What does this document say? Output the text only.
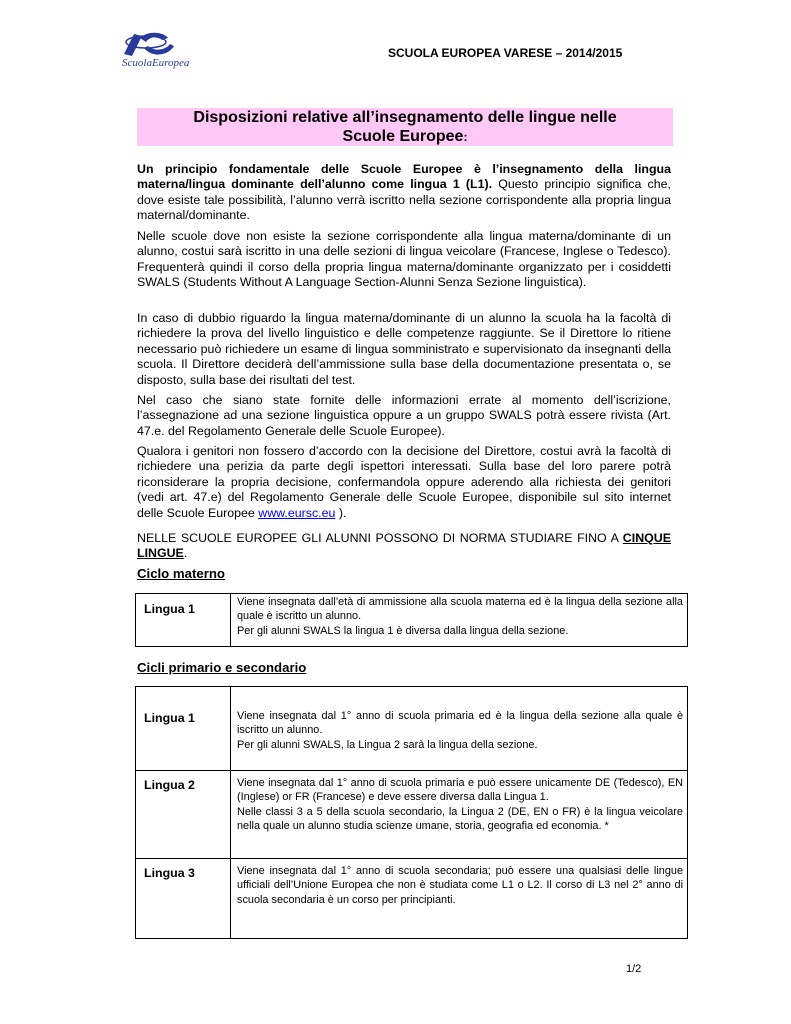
ScuolaEuropea
SCUOLA EUROPEA VARESE – 2014/2015
Disposizioni relative all’insegnamento delle lingue nelle
Scuole Europee:
Un principio fondamentale delle Scuole Europee è l’insegnamento della lingua materna/lingua dominante dell’alunno come lingua 1 (L1). Questo principio significa che, dove esiste tale possibilità, l’alunno verrà iscritto nella sezione corrispondente alla propria lingua maternal/dominante.
Nelle scuole dove non esiste la sezione corrispondente alla lingua materna/dominante di un alunno, costui sarà iscritto in una delle sezioni di lingua veicolare (Francese, Inglese o Tedesco). Frequenterà quindi il corso della propria lingua materna/dominante organizzato per i cosiddetti SWALS (Students Without A Language Section-Alunni Senza Sezione linguistica).
In caso di dubbio riguardo la lingua materna/dominante di un alunno la scuola ha la facoltà di richiedere la prova del livello linguistico e delle competenze raggiunte. Se il Direttore lo ritiene necessario può richiedere un esame di lingua somministrato e supervisionato da insegnanti della scuola. Il Direttore deciderà dell’ammissione sulla base della documentazione presentata o, se disposto, sulla base dei risultati del test.
Nel caso che siano state fornite delle informazioni errate al momento dell’iscrizione, l’assegnazione ad una sezione linguistica oppure a un gruppo SWALS potrà essere rivista (Art. 47.e. del Regolamento Generale delle Scuole Europee).
Qualora i genitori non fossero d’accordo con la decisione del Direttore, costui avrà la facoltà di richiedere una perizia da parte degli ispettori interessati. Sulla base del loro parere potrà riconsiderare la propria decisione, confermandola oppure aderendo alla richiesta dei genitori (vedi art. 47.e) del Regolamento Generale delle Scuole Europee, disponibile sul sito internet delle Scuole Europee www.eursc.eu ).
NELLE SCUOLE EUROPEE GLI ALUNNI POSSONO DI NORMA STUDIARE FINO A CINQUE LINGUE.
Ciclo materno
Lingua 1	Viene insegnata dall’età di ammissione alla scuola materna ed è la lingua della sezione alla quale è iscritto un alunno.
Per gli alunni SWALS la lingua 1 è diversa dalla lingua della sezione.
Cicli primario e secondario
Lingua 1	Viene insegnata dal 1° anno di scuola primaria ed è la lingua della sezione alla quale è iscritto un alunno.
Per gli alunni SWALS, la Lingua 2 sarà la lingua della sezione.

Lingua 2	Viene insegnata dal 1° anno di scuola primaria e può essere unicamente DE (Tedesco), EN (Inglese) or FR (Francese) e deve essere diversa dalla Lingua 1.
Nelle classi 3 a 5 della scuola secondario, la Lingua 2 (DE, EN o FR) è la lingua veicolare nella quale un alunno studia scienze umane, storia, geografia ed economia. *

Lingua 3	Viene insegnata dal 1° anno di scuola secondaria; può essere una qualsiasi delle lingue ufficiali dell’Unione Europea che non è studiata come L1 o L2. Il corso di L3 nel 2° anno di scuola secondaria è un corso per principianti.
1/2
